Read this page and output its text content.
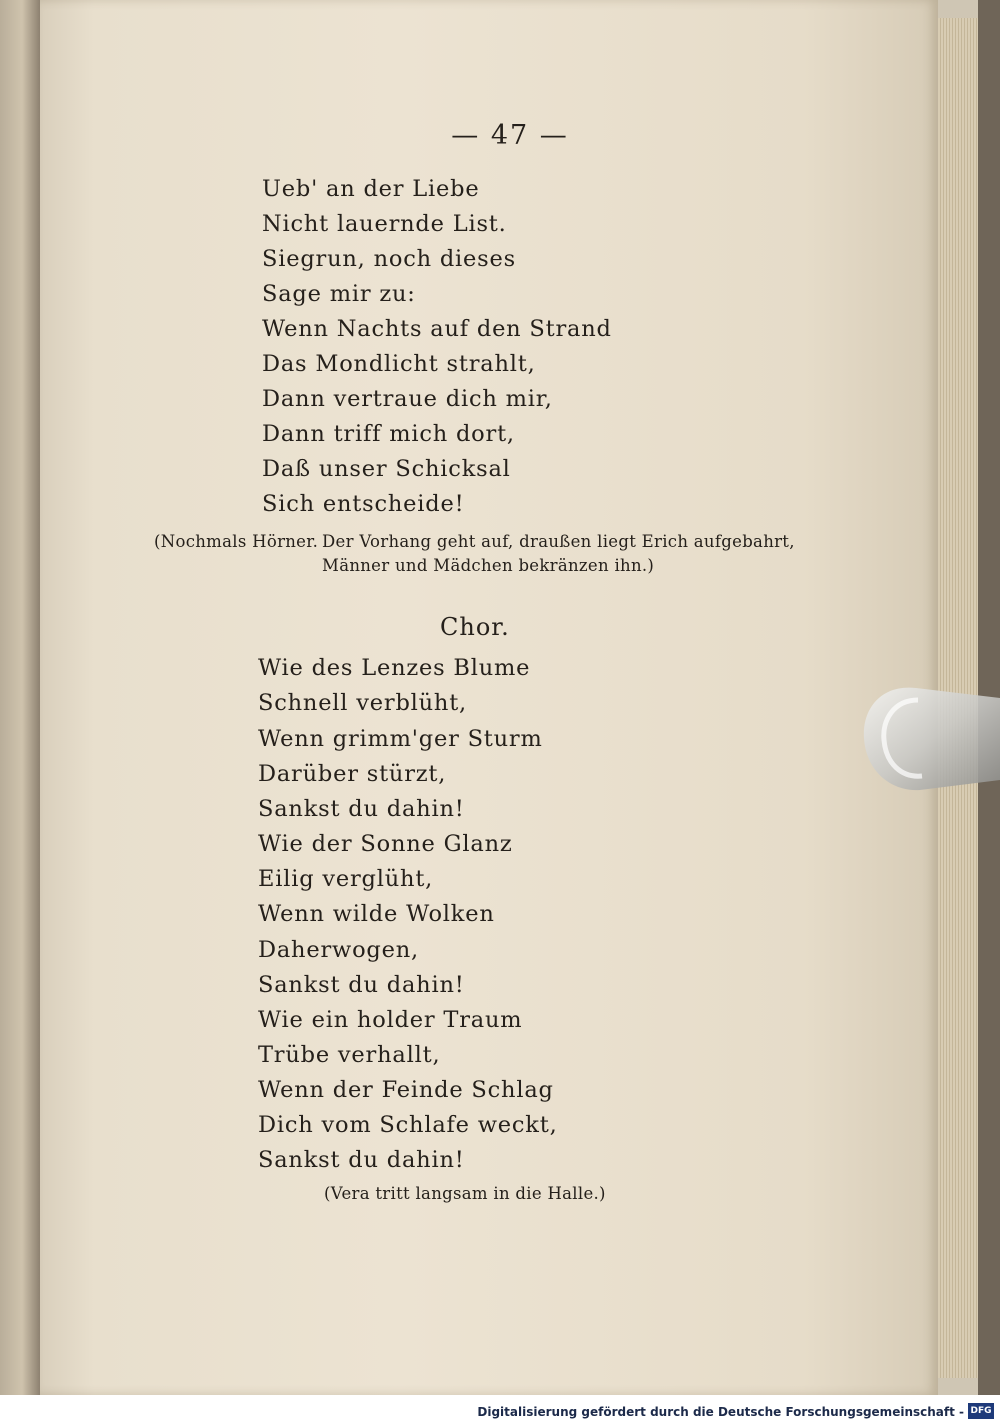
— 47 —
Ueb' an der Liebe
Nicht lauernde List.
Siegrun, noch dieses
Sage mir zu:
Wenn Nachts auf den Strand
Das Mondlicht strahlt,
Dann vertraue dich mir,
Dann triff mich dort,
Daß unser Schicksal
Sich entscheide!
(Nochmals Hörner. Der Vorhang geht auf, draußen liegt Erich aufgebahrt,
Männer und Mädchen bekränzen ihn.)
Chor.
Wie des Lenzes Blume
Schnell verblüht,
Wenn grimm'ger Sturm
Darüber stürzt,
Sankst du dahin!
Wie der Sonne Glanz
Eilig verglüht,
Wenn wilde Wolken
Daherwogen,
Sankst du dahin!
Wie ein holder Traum
Trübe verhallt,
Wenn der Feinde Schlag
Dich vom Schlafe weckt,
Sankst du dahin!
(Vera tritt langsam in die Halle.)
Digitalisierung gefördert durch die Deutsche Forschungsgemeinschaft - DFG
